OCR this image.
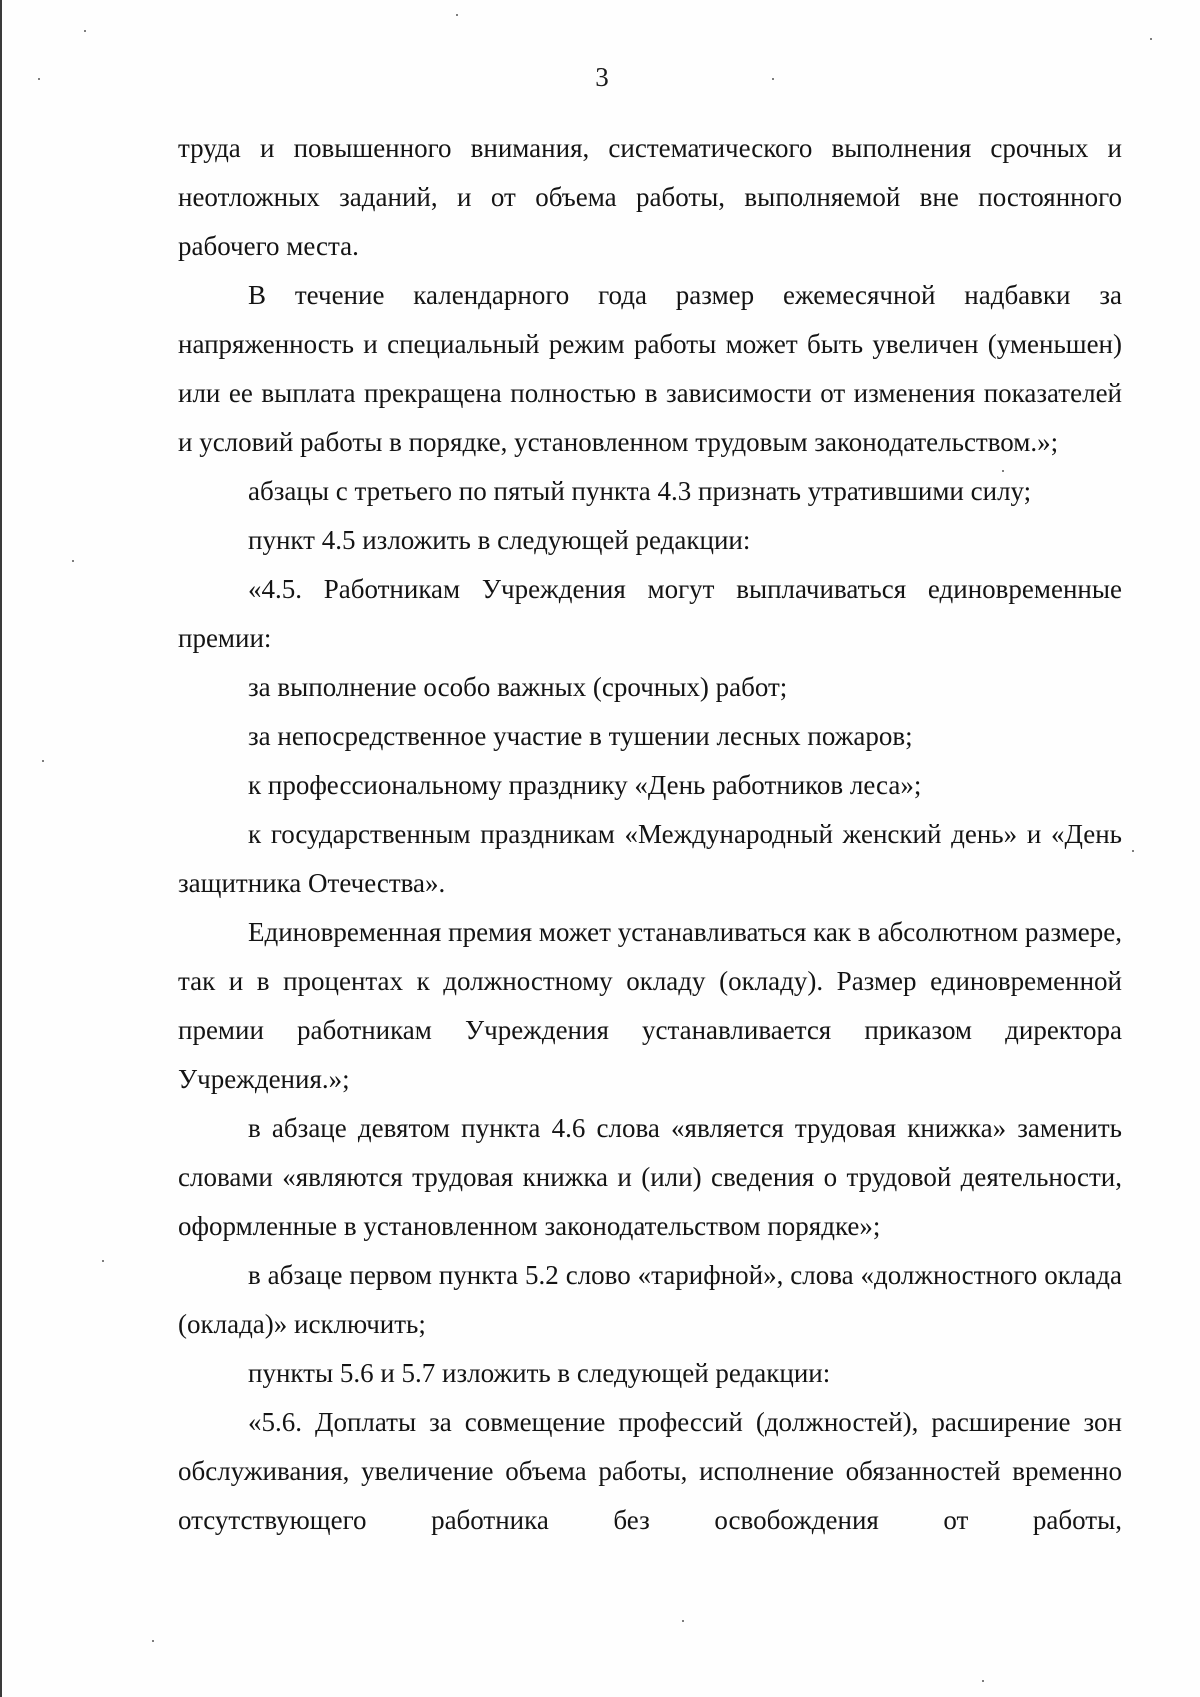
3

труда и повышенного внимания, систематического выполнения срочных и неотложных заданий, и от объема работы, выполняемой вне постоянного рабочего места.

В течение календарного года размер ежемесячной надбавки за напряженность и специальный режим работы может быть увеличен (уменьшен) или ее выплата прекращена полностью в зависимости от изменения показателей и условий работы в порядке, установленном трудовым законодательством.»;

абзацы с третьего по пятый пункта 4.3 признать утратившими силу;

пункт 4.5 изложить в следующей редакции:

«4.5. Работникам Учреждения могут выплачиваться единовременные премии:

за выполнение особо важных (срочных) работ;

за непосредственное участие в тушении лесных пожаров;

к профессиональному празднику «День работников леса»;

к государственным праздникам «Международный женский день» и «День защитника Отечества».

Единовременная премия может устанавливаться как в абсолютном размере, так и в процентах к должностному окладу (окладу). Размер единовременной премии работникам Учреждения устанавливается приказом директора Учреждения.»;

в абзаце девятом пункта 4.6 слова «является трудовая книжка» заменить словами «являются трудовая книжка и (или) сведения о трудовой деятельности, оформленные в установленном законодательством порядке»;

в абзаце первом пункта 5.2 слово «тарифной», слова «должностного оклада (оклада)» исключить;

пункты 5.6 и 5.7 изложить в следующей редакции:

«5.6. Доплаты за совмещение профессий (должностей), расширение зон обслуживания, увеличение объема работы, исполнение обязанностей временно отсутствующего работника без освобождения от работы,
